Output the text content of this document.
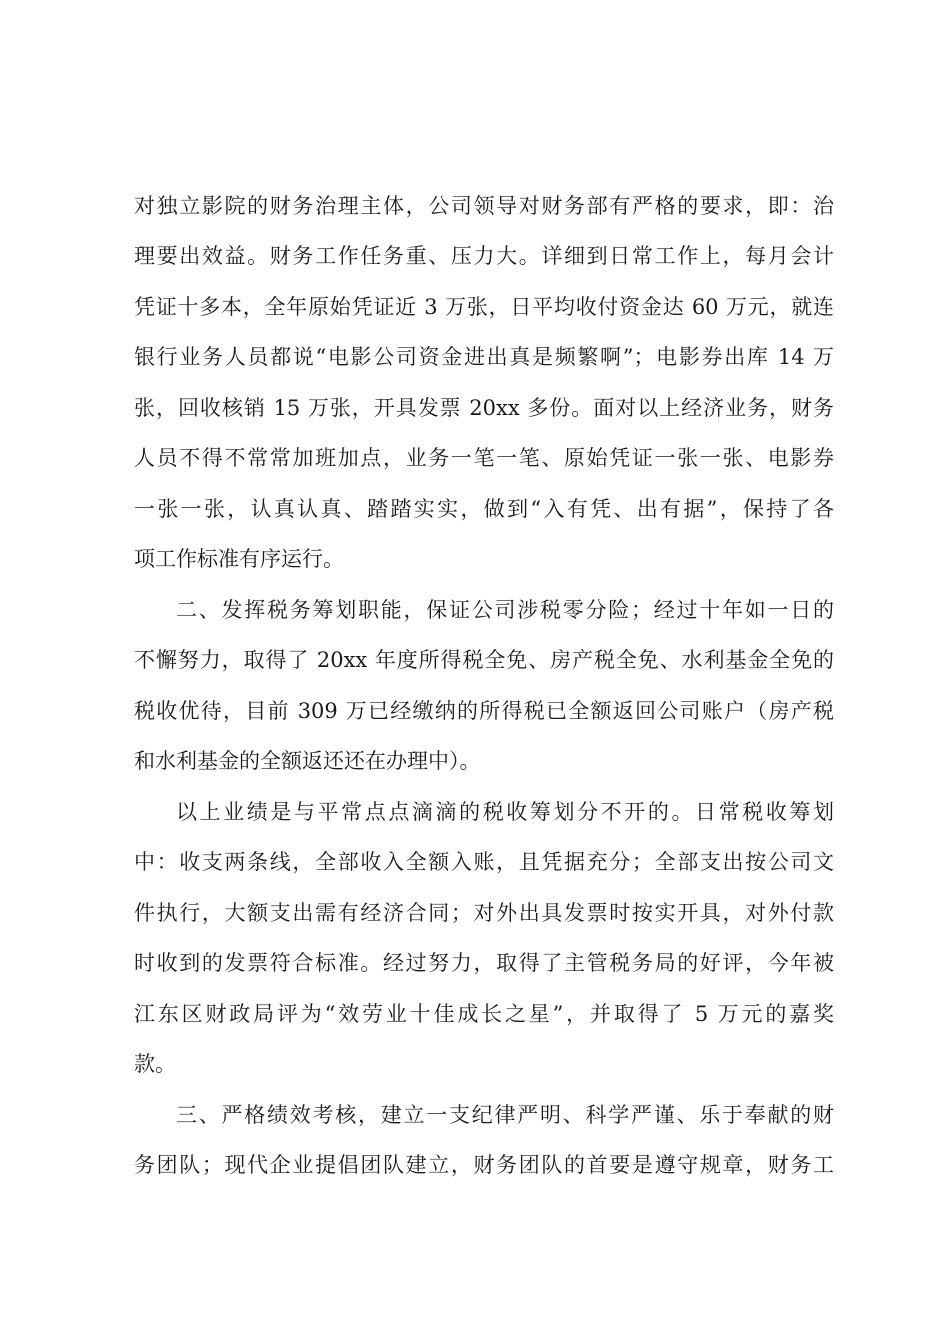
对独立影院的财务治理主体，公司领导对财务部有严格的要求，即：治
理要出效益。财务工作任务重、压力大。详细到日常工作上，每月会计
凭证十多本，全年原始凭证近 3 万张，日平均收付资金达 60 万元，就连
银行业务人员都说“电影公司资金进出真是频繁啊”；电影券出库 14 万
张，回收核销 15 万张，开具发票 20xx 多份。面对以上经济业务，财务
人员不得不常常加班加点，业务一笔一笔、原始凭证一张一张、电影券
一张一张，认真认真、踏踏实实，做到“入有凭、出有据”，保持了各
项工作标准有序运行。
二、发挥税务筹划职能，保证公司涉税零分险；经过十年如一日的
不懈努力，取得了 20xx 年度所得税全免、房产税全免、水利基金全免的
税收优待，目前 309 万已经缴纳的所得税已全额返回公司账户（房产税
和水利基金的全额返还还在办理中）。
以上业绩是与平常点点滴滴的税收筹划分不开的。日常税收筹划
中：收支两条线，全部收入全额入账，且凭据充分；全部支出按公司文
件执行，大额支出需有经济合同；对外出具发票时按实开具，对外付款
时收到的发票符合标准。经过努力，取得了主管税务局的好评，今年被
江东区财政局评为“效劳业十佳成长之星”，并取得了 5 万元的嘉奖
款。
三、严格绩效考核，建立一支纪律严明、科学严谨、乐于奉献的财
务团队；现代企业提倡团队建立，财务团队的首要是遵守规章，财务工
